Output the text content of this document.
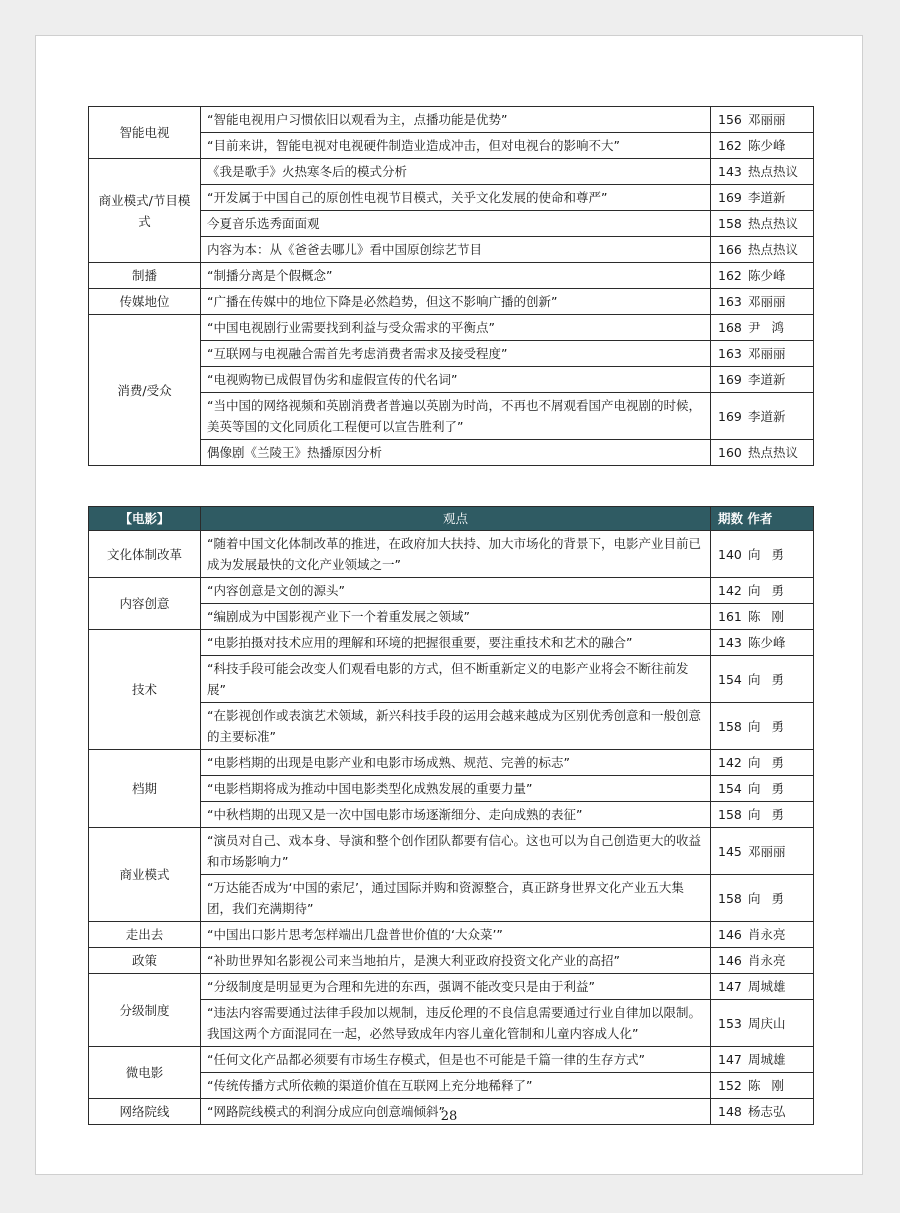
智能电视	“智能电视用户习惯依旧以观看为主，点播功能是优势”	156 邓丽丽
	“目前来讲，智能电视对电视硬件制造业造成冲击，但对电视台的影响不大”	162 陈少峰
商业模式/节目模式	《我是歌手》火热寒冬后的模式分析	143 热点热议
	“开发属于中国自己的原创性电视节目模式，关乎文化发展的使命和尊严”	169 李道新
	今夏音乐选秀面面观	158 热点热议
	内容为本：从《爸爸去哪儿》看中国原创综艺节目	166 热点热议
制播	“制播分离是个假概念”	162 陈少峰
传媒地位	“广播在传媒中的地位下降是必然趋势，但这不影响广播的创新”	163 邓丽丽
消费/受众	“中国电视剧行业需要找到利益与受众需求的平衡点”	168 尹鸿
	“互联网与电视融合需首先考虑消费者需求及接受程度”	163 邓丽丽
	“电视购物已成假冒伪劣和虚假宣传的代名词”	169 李道新
	“当中国的网络视频和英剧消费者普遍以英剧为时尚，不再也不屑观看国产电视剧的时候，美英等国的文化同质化工程便可以宣告胜利了”	169 李道新
	偶像剧《兰陵王》热播原因分析	160 热点热议
【电影】	观点	期数 作者
文化体制改革	“随着中国文化体制改革的推进，在政府加大扶持、加大市场化的背景下，电影产业目前已成为发展最快的文化产业领域之一”	140 向勇
内容创意	“内容创意是文创的源头”	142 向勇
	“编剧成为中国影视产业下一个着重发展之领域”	161 陈刚
技术	“电影拍摄对技术应用的理解和环境的把握很重要，要注重技术和艺术的融合”	143 陈少峰
	“科技手段可能会改变人们观看电影的方式，但不断重新定义的电影产业将会不断往前发展”	154 向勇
	“在影视创作或表演艺术领域，新兴科技手段的运用会越来越成为区别优秀创意和一般创意的主要标准”	158 向勇
档期	“电影档期的出现是电影产业和电影市场成熟、规范、完善的标志”	142 向勇
	“电影档期将成为推动中国电影类型化成熟发展的重要力量”	154 向勇
	“中秋档期的出现又是一次中国电影市场逐渐细分、走向成熟的表征”	158 向勇
商业模式	“演员对自己、戏本身、导演和整个创作团队都要有信心。这也可以为自己创造更大的收益和市场影响力”	145 邓丽丽
	“万达能否成为‘中国的索尼’，通过国际并购和资源整合，真正跻身世界文化产业五大集团，我们充满期待”	158 向勇
走出去	“中国出口影片思考怎样端出几盘普世价值的‘大众菜’”	146 肖永亮
政策	“补助世界知名影视公司来当地拍片，是澳大利亚政府投资文化产业的高招”	146 肖永亮
分级制度	“分级制度是明显更为合理和先进的东西，强调不能改变只是由于利益”	147 周城雄
	“违法内容需要通过法律手段加以规制，违反伦理的不良信息需要通过行业自律加以限制。我国这两个方面混同在一起，必然导致成年内容儿童化管制和儿童内容成人化”	153 周庆山
微电影	“任何文化产品都必须要有市场生存模式，但是也不可能是千篇一律的生存方式”	147 周城雄
	“传统传播方式所依赖的渠道价值在互联网上充分地稀释了”	152 陈刚
网络院线	“网路院线模式的利润分成应向创意端倾斜”	148 杨志弘
28
